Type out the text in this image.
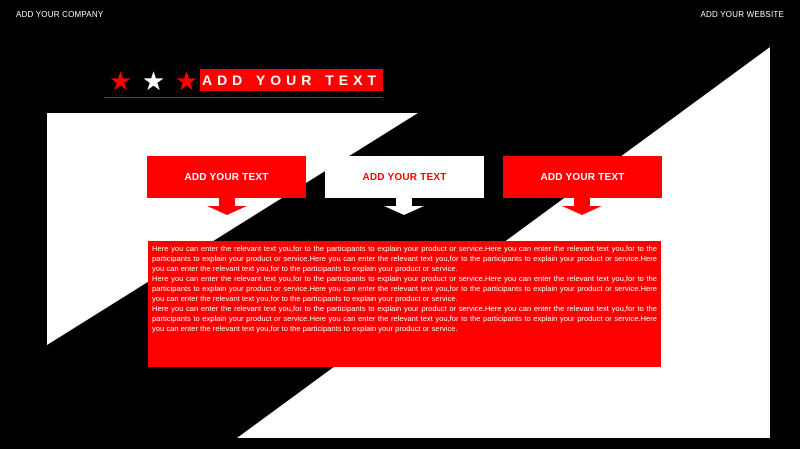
ADD YOUR COMPANY	ADD YOUR WEBSITE
★ ★ ★ ADD YOUR TEXT
ADD YOUR TEXT	ADD YOUR TEXT	ADD YOUR TEXT

Here you can enter the relevant text you,for to the participants to explain your product or service.Here you can enter the relevant text you,for to the participants to explain your product or service.Here you can enter the relevant text you,for to the participants to explain your product or service.Here you can enter the relevant text you,for to the participants to explain your product or service.

Here you can enter the relevant text you,for to the participants to explain your product or service.Here you can enter the relevant text you,for to the participants to explain your product or service.Here you can enter the relevant text you,for to the participants to explain your product or service.Here you can enter the relevant text you,for to the participants to explain your product or service.

Here you can enter the relevant text you,for to the participants to explain your product or service.Here you can enter the relevant text you,for to the participants to explain your product or service.Here you can enter the relevant text you,for to the participants to explain your product or service.Here you can enter the relevant text you,for to the participants to explain your product or service.
